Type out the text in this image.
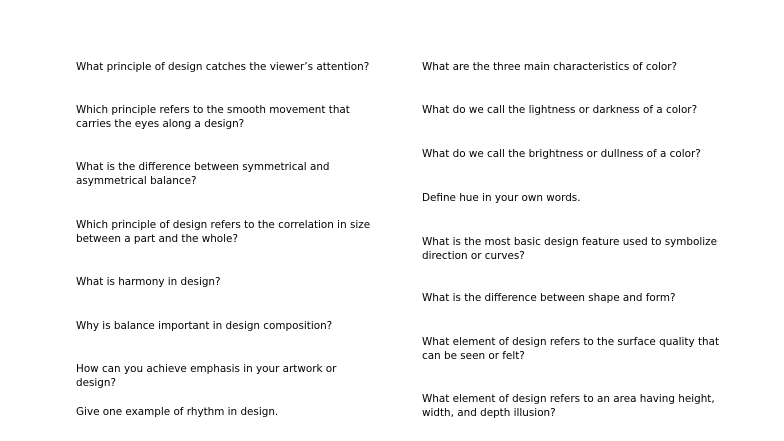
What principle of design catches the viewer’s attention?

Which principle refers to the smooth movement that carries the eyes along a design?

What is the difference between symmetrical and asymmetrical balance?

Which principle of design refers to the correlation in size between a part and the whole?

What is harmony in design?

Why is balance important in design composition?

How can you achieve emphasis in your artwork or design?

Give one example of rhythm in design.

What are the three main characteristics of color?

What do we call the lightness or darkness of a color?

What do we call the brightness or dullness of a color?

Define hue in your own words.

What is the most basic design feature used to symbolize direction or curves?

What is the difference between shape and form?

What element of design refers to the surface quality that can be seen or felt?

What element of design refers to an area having height, width, and depth illusion?
